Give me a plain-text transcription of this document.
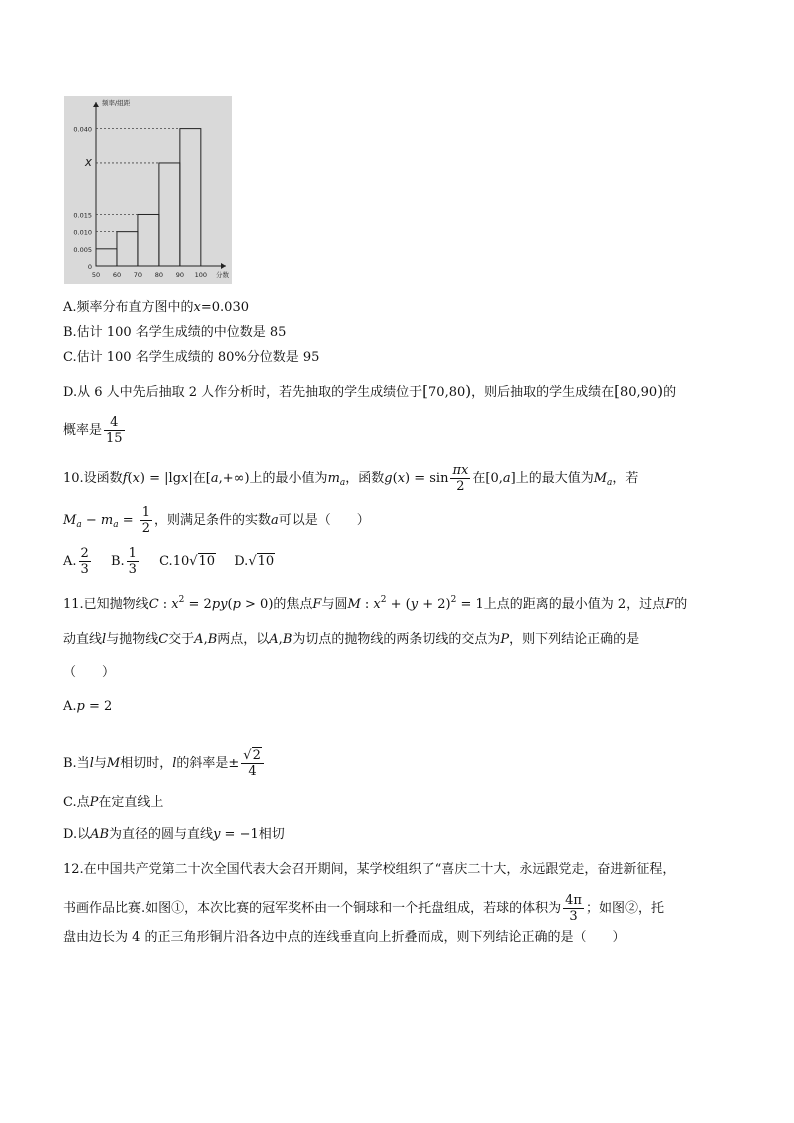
0
0.005
0.010
0.015
x
0.040
50 60 70 80 90 100
频率/组距
分数
A.频率分布直方图中的x=0.030
B.估计 100 名学生成绩的中位数是 85
C.估计 100 名学生成绩的 80%分位数是 95
D.从 6 人中先后抽取 2 人作分析时，若先抽取的学生成绩位于[70,80)，则后抽取的学生成绩在[80,90)的
概率是 $\frac{4}{15}$
10.设函数f(x) = |lgx|在[a,+∞)上的最小值为$m_a$，函数$g(x) = \sin \frac{\pi x}{2}$ 在[0,a]上的最大值为$M_a$，若
$M_a - m_a = \frac{1}{2}$ ，则满足条件的实数a可以是（　　）
A. $\frac{2}{3} B$. $\frac{1}{3} C.10√10$ D.√10
11.已知抛物线C : $x^2 = 2py(p > 0)$的焦点F与圆M : $x^2 + (y + 2)^2 = 1$上点的距离的最小值为 2，过点F的
动直线l与抛物线C交于A,B两点，以A,B为切点的抛物线的两条切线的交点为P，则下列结论正确的是
（　　）
A.p = 2
B.当l与M相切时，l的斜率是± $\frac{√2}{4}$
C.点P在定直线上
D.以AB为直径的圆与直线y = −1相切
12.在中国共产党第二十次全国代表大会召开期间，某学校组织了“喜庆二十大，永远跟党走，奋进新征程，
书画作品比赛.如图①，本次比赛的冠军奖杯由一个铜球和一个托盘组成，若球的体积为 $\frac{4\pi}{3}$ ；如图②，托
盘由边长为 4 的正三角形铜片沿各边中点的连线垂直向上折叠而成，则下列结论正确的是（　　）
